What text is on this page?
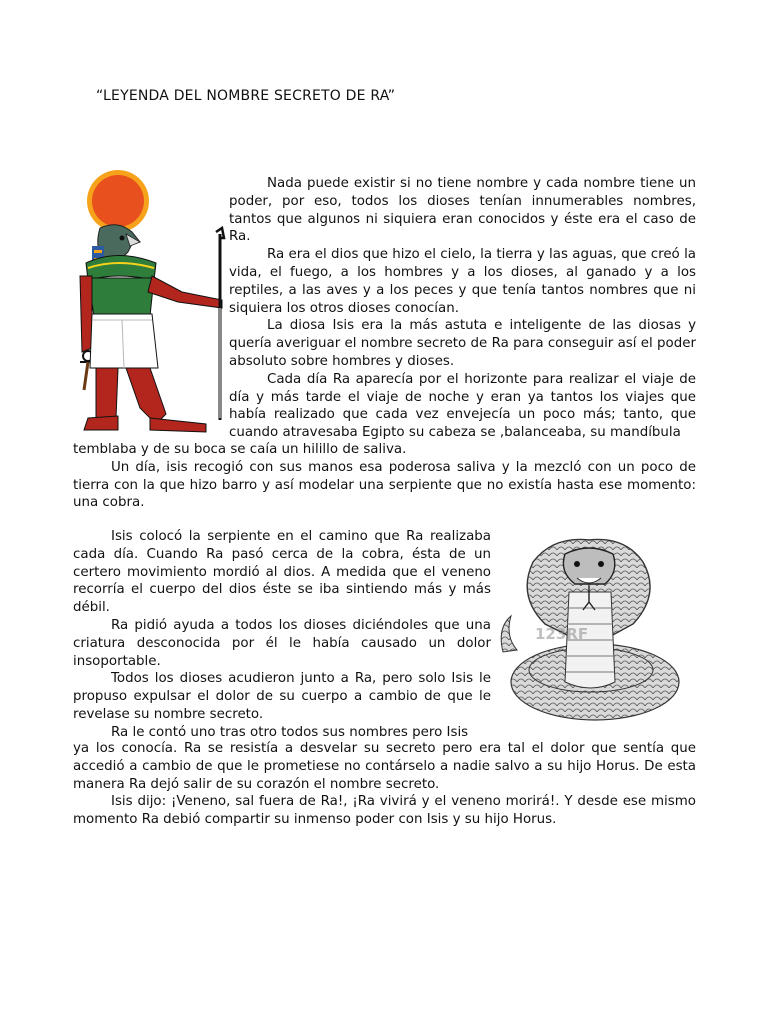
“LEYENDA DEL NOMBRE SECRETO DE RA”

Nada puede existir si no tiene nombre y cada nombre tiene un poder, por eso, todos los dioses tenían innumerables nombres, tantos que algunos ni siquiera eran conocidos y éste era el caso de Ra.

Ra era el dios que hizo el cielo, la tierra y las aguas, que creó la vida, el fuego, a los hombres y a los dioses, al ganado y a los reptiles, a las aves y a los peces y que tenía tantos nombres que ni siquiera los otros dioses conocían.

La diosa Isis era la más astuta e inteligente de las diosas y quería averiguar el nombre secreto de Ra para conseguir así el poder absoluto sobre hombres y dioses.

Cada día Ra aparecía por el horizonte para realizar el viaje de día y más tarde el viaje de noche y eran ya tantos los viajes que había realizado que cada vez envejecía un poco más; tanto, que cuando atravesaba Egipto su cabeza se ,balanceaba, su mandíbula

temblaba y de su boca se caía un hilillo de saliva.

Un día, isis recogió con sus manos esa poderosa saliva y la mezcló con un poco de tierra con la que hizo barro y así modelar una serpiente que no existía hasta ese momento: una cobra.

Isis colocó la serpiente en el camino que Ra realizaba cada día. Cuando Ra pasó cerca de la cobra, ésta de un certero movimiento mordió al dios. A medida que el veneno recorría el cuerpo del dios éste se iba sintiendo más y más débil.

Ra pidió ayuda a todos los dioses diciéndoles que una criatura desconocida por él le había causado un dolor insoportable.

Todos los dioses acudieron junto a Ra, pero solo Isis le propuso expulsar el dolor de su cuerpo a cambio de que le revelase su nombre secreto.

Ra le contó uno tras otro todos sus nombres pero Isis

123RF

ya los conocía. Ra se resistía a desvelar su secreto pero era tal el dolor que sentía que accedió a cambio de que le prometiese no contárselo a nadie salvo a su hijo Horus. De esta manera Ra dejó salir de su corazón el nombre secreto.

Isis dijo: ¡Veneno, sal fuera de Ra!, ¡Ra vivirá y el veneno morirá!. Y desde ese mismo momento Ra debió compartir su inmenso poder con Isis y su hijo Horus.
